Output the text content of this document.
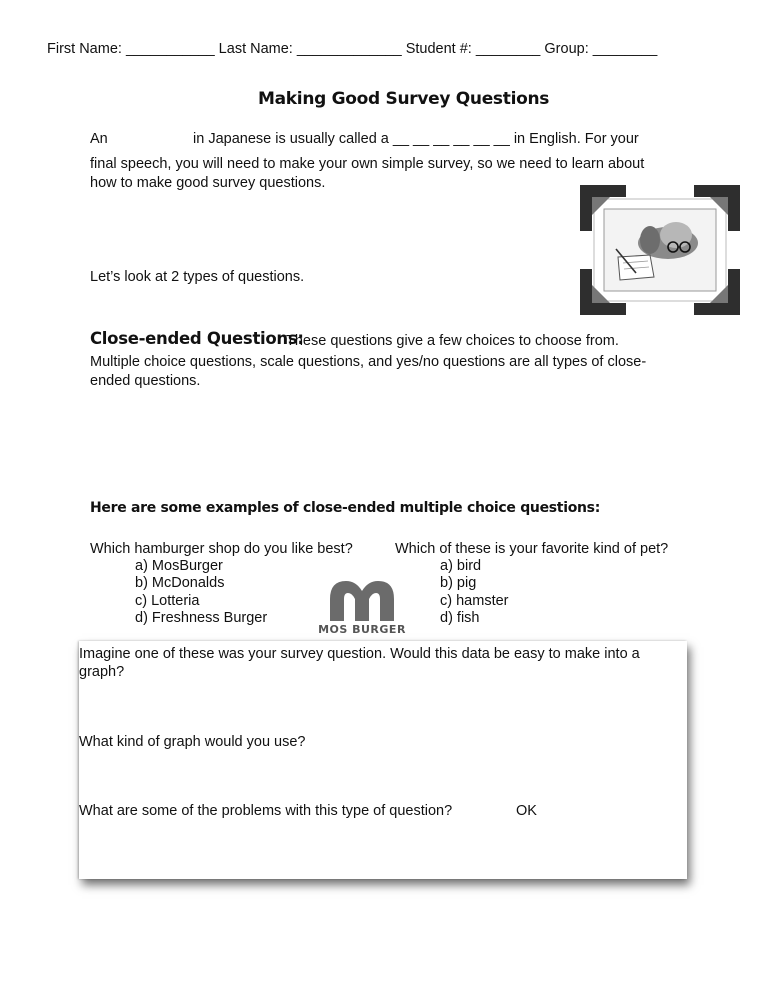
First Name: ___________ Last Name: _____________ Student #: ________ Group: ________
Making Good Survey Questions
An	in Japanese is usually called a __ __ __ __ __ __ in English. For your
final speech, you will need to make your own simple survey, so we need to learn about
how to make good survey questions.
Let’s look at 2 types of questions.
Close-ended Questions:
These questions give a few choices to choose from.
Multiple choice questions, scale questions, and yes/no questions are all types of close-
ended questions.
Here are some examples of close-ended multiple choice questions:
Which hamburger shop do you like best?
a) MosBurger
b) McDonalds
c) Lotteria
d) Freshness Burger
Which of these is your favorite kind of pet?
a) bird
b) pig
c) hamster
d) fish
MOS BURGER
Imagine one of these was your survey question. Would this data be easy to make into a
graph?
What kind of graph would you use?
What are some of the problems with this type of question?	OK
